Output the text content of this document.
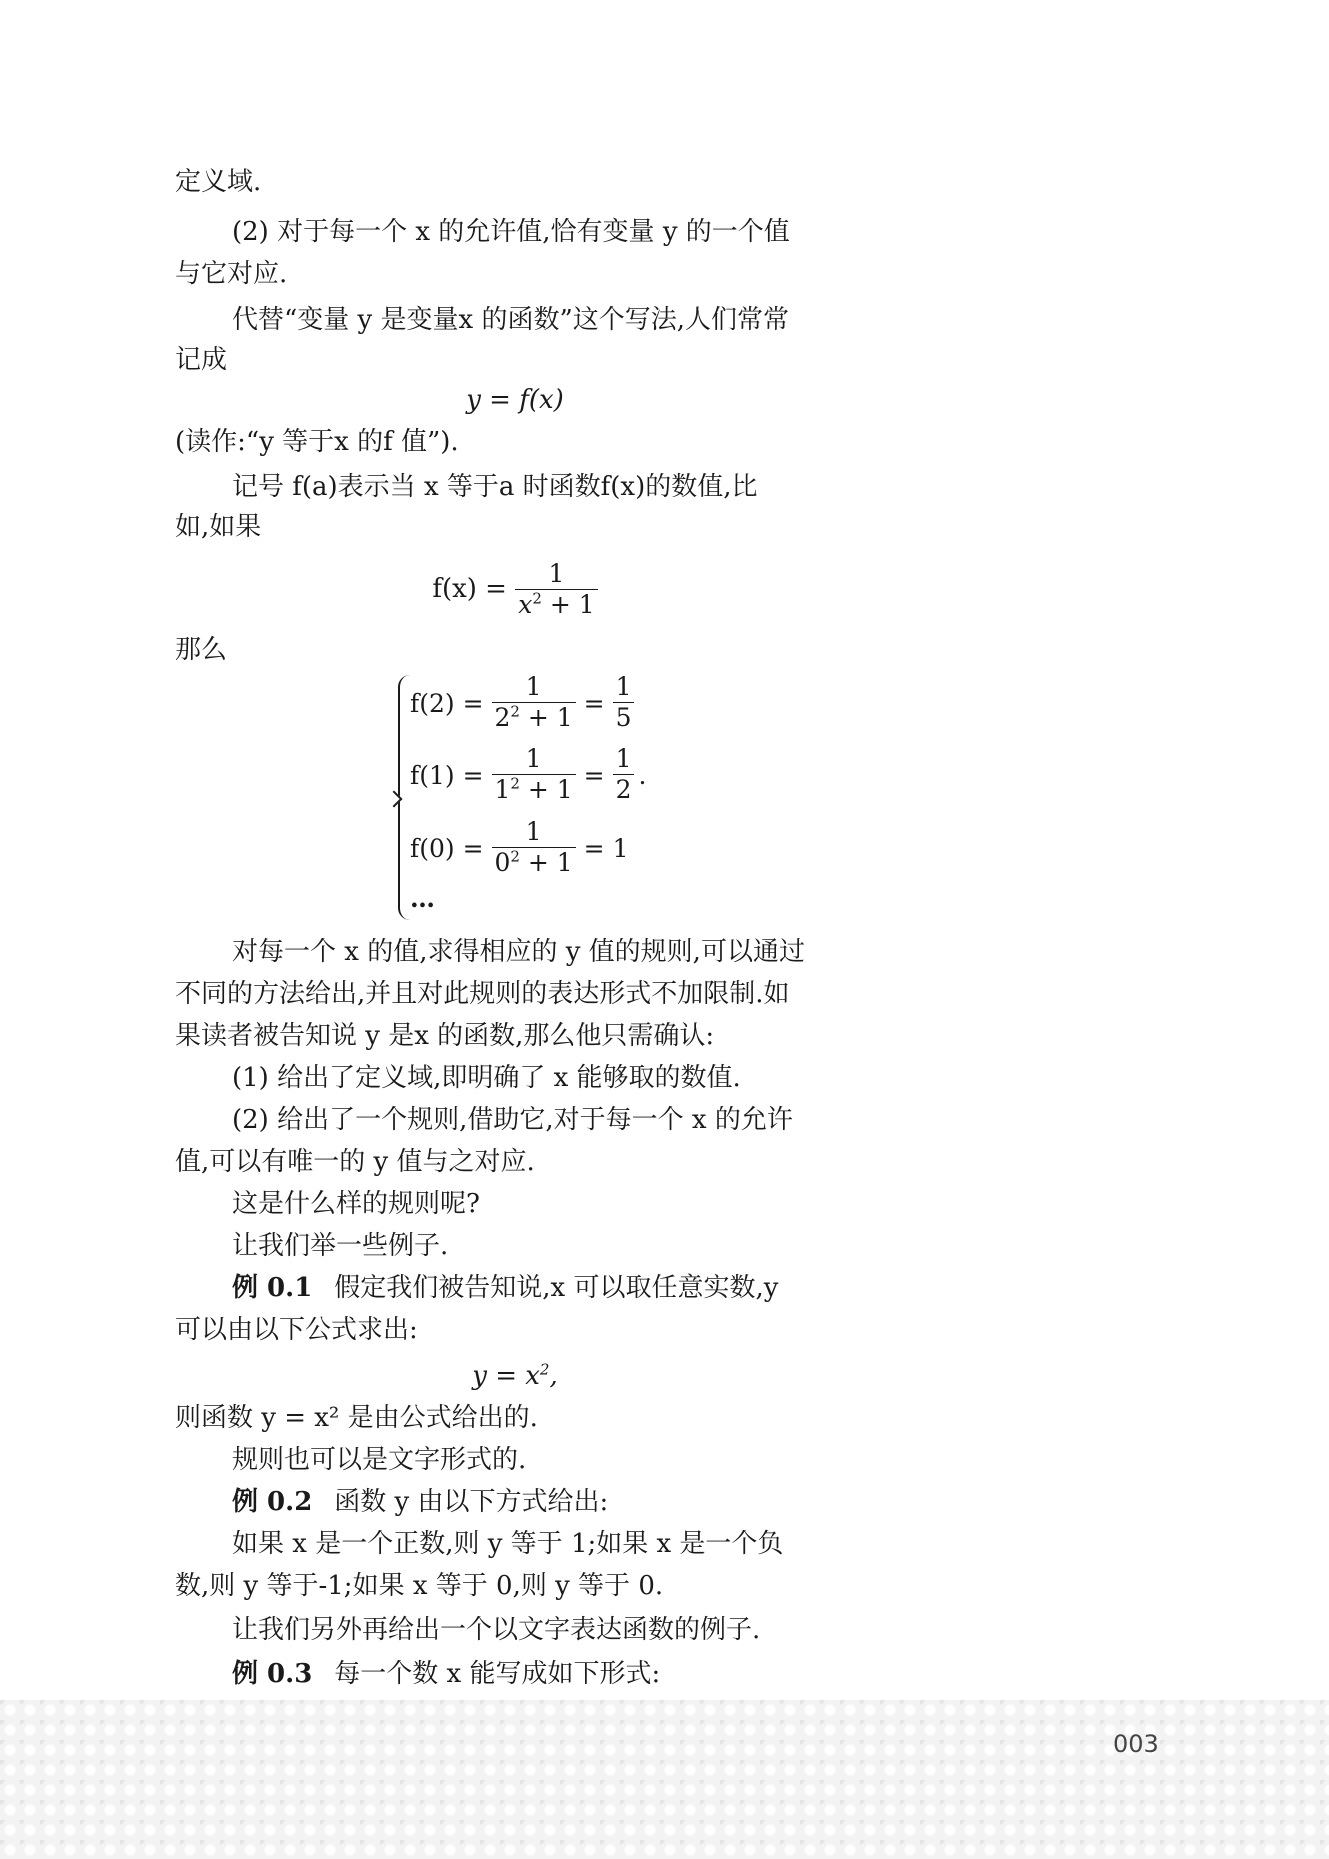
定义域.
(2) 对于每一个 x 的允许值,恰有变量 y 的一个值
与它对应.
代替“变量 y 是变量x 的函数”这个写法,人们常常
记成
y = f(x)
(读作:“y 等于x 的f 值”).
记号 f(a)表示当 x 等于a 时函数f(x)的数值,比
如,如果
$f(x) = \frac{1}{x^2 + 1}$
那么
f(2) =
$\frac{1}{2^2 + 1}$
=
$\frac{1}{5}$
f(1) =
$\frac{1}{1^2 + 1}$
=
$\frac{1}{2}$ .
f(0) =
$\frac{1}{0^2 + 1}$
= 1
…
对每一个 x 的值,求得相应的 y 值的规则,可以通过
不同的方法给出,并且对此规则的表达形式不加限制.如
果读者被告知说 y 是x 的函数,那么他只需确认:
(1) 给出了定义域,即明确了 x 能够取的数值.
(2) 给出了一个规则,借助它,对于每一个 x 的允许
值,可以有唯一的 y 值与之对应.
这是什么样的规则呢?
让我们举一些例子.
例 0.1 假定我们被告知说,x 可以取任意实数,y
可以由以下公式求出:
$y = x^2$,
则函数 y = x² 是由公式给出的.
规则也可以是文字形式的.
例 0.2 函数 y 由以下方式给出:
如果 x 是一个正数,则 y 等于 1;如果 x 是一个负
数,则 y 等于-1;如果 x 等于 0,则 y 等于 0.
让我们另外再给出一个以文字表达函数的例子.
例 0.3 每一个数 x 能写成如下形式:
003
